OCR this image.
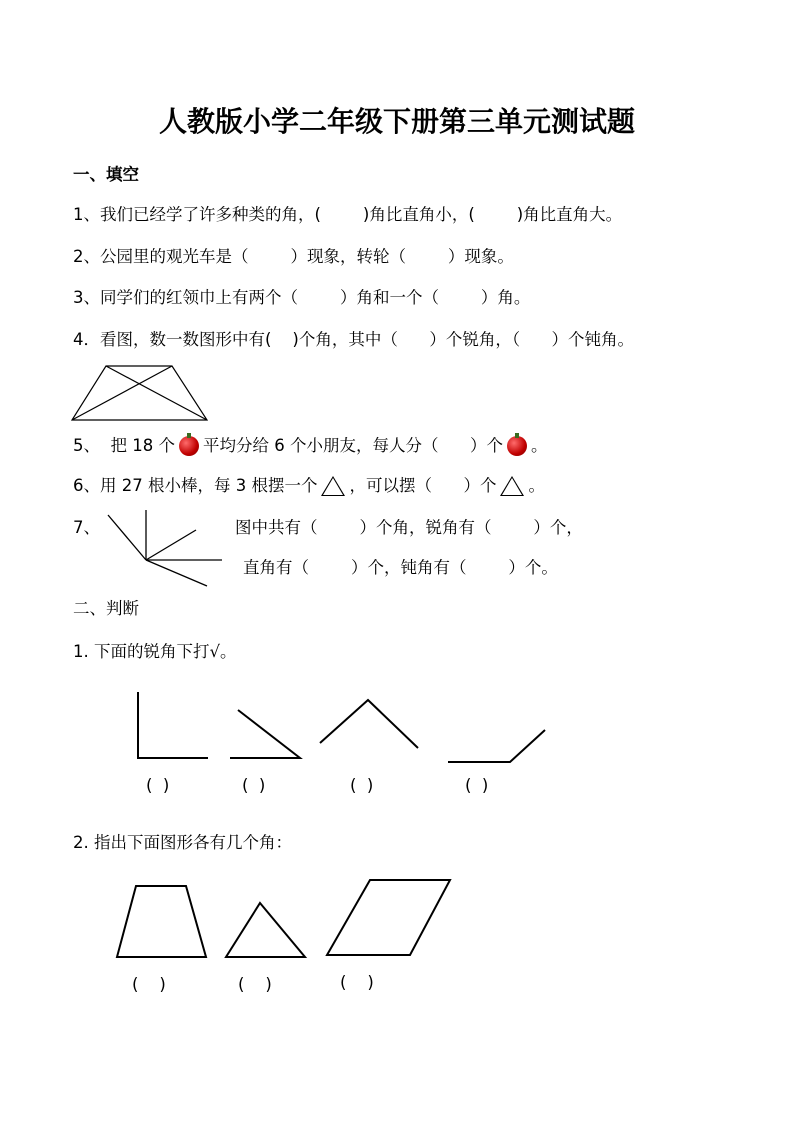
人教版小学二年级下册第三单元测试题
一、填空
1、我们已经学了许多种类的角，(        )角比直角小，(        )角比直角大。
2、公园里的观光车是（        ）现象，转轮（        ）现象。
3、同学们的红领巾上有两个（        ）角和一个（        ）角。
4．看图，数一数图形中有(    )个角，其中（      ）个锐角，（      ）个钝角。
5、  把 18 个 平均分给 6 个小朋友，每人分（      ）个 。
6、用 27 根小棒，每 3 根摆一个 ，可以摆（      ）个 。
7、	图中共有（        ）个角，锐角有（        ）个，
直角有（        ）个，钝角有（        ）个。
二、判断
1. 下面的锐角下打√。
(  )	(  )	(  )	(  )
2. 指出下面图形各有几个角：
(    )	(    )	(    )
